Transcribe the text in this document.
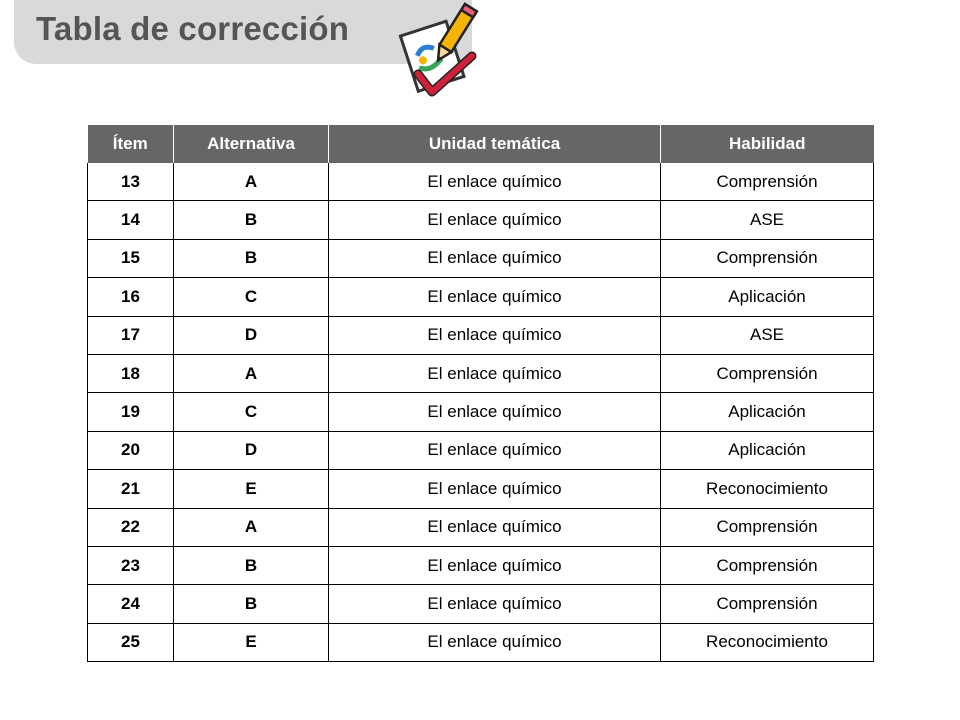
Tabla de corrección
Ítem	Alternativa	Unidad temática	Habilidad
13	A	El enlace químico	Comprensión
14	B	El enlace químico	ASE
15	B	El enlace químico	Comprensión
16	C	El enlace químico	Aplicación
17	D	El enlace químico	ASE
18	A	El enlace químico	Comprensión
19	C	El enlace químico	Aplicación
20	D	El enlace químico	Aplicación
21	E	El enlace químico	Reconocimiento
22	A	El enlace químico	Comprensión
23	B	El enlace químico	Comprensión
24	B	El enlace químico	Comprensión
25	E	El enlace químico	Reconocimiento
